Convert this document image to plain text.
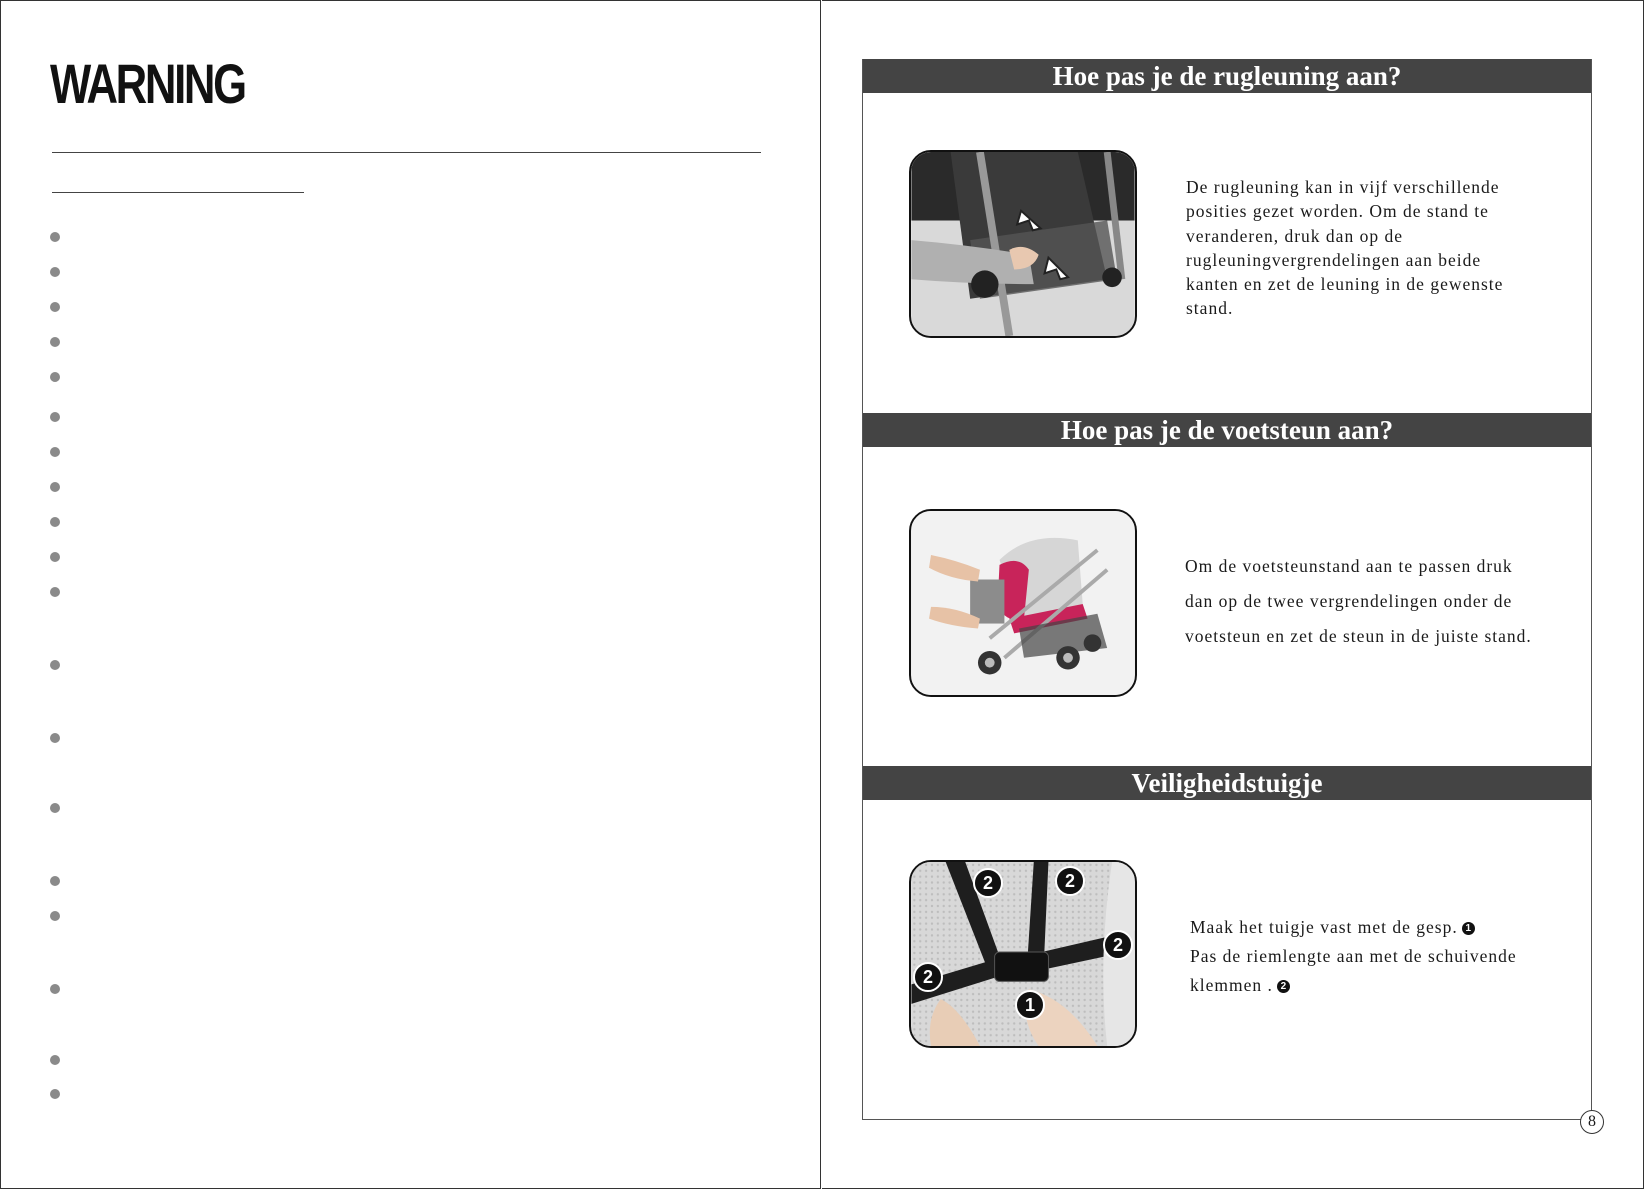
WARNING	Hoe pas je de rugleuning aan?
De rugleuning kan in vijf verschillende
posities gezet worden. Om de stand te
veranderen, druk dan op de
rugleuningvergrendelingen aan beide
kanten en zet de leuning in de gewenste
stand.
Hoe pas je de voetsteun aan?
Om de voetsteunstand aan te passen druk
dan op de twee vergrendelingen onder de
voetsteun en zet de steun in de juiste stand.
Veiligheidstuigje
2	2
2
2
1
Maak het tuigje vast met de gesp. 1
Pas de riemlengte aan met de schuivende
klemmen . 2
8
